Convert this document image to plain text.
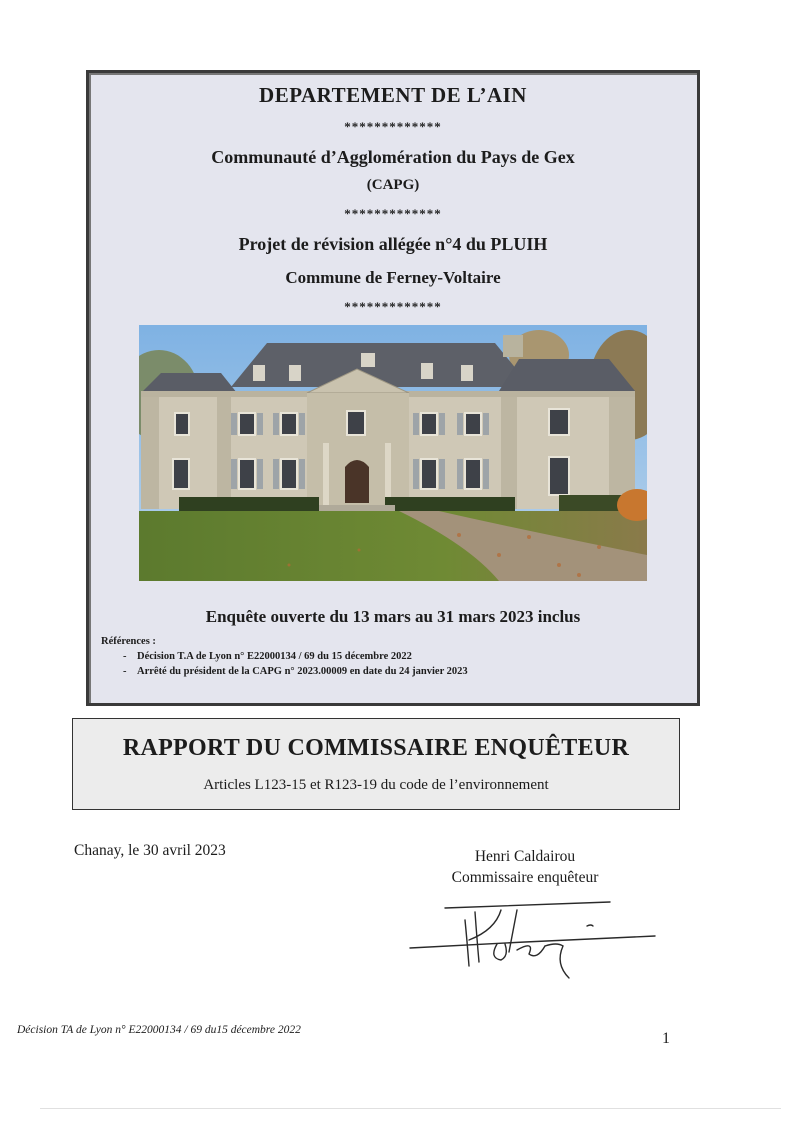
DEPARTEMENT DE L’AIN
*************
Communauté d’Agglomération du Pays de Gex
(CAPG)
*************
Projet de révision allégée n°4 du PLUIH
Commune de Ferney-Voltaire
*************
Enquête ouverte du 13 mars au 31 mars 2023 inclus
Références :
- Décision T.A de Lyon n° E22000134 / 69 du 15 décembre 2022
- Arrêté du président de la CAPG n° 2023.00009 en date du 24 janvier 2023
RAPPORT DU COMMISSAIRE ENQUÊTEUR
Articles L123-15 et R123-19 du code de l’environnement
Chanay, le 30 avril 2023	Henri Caldairou
Commissaire enquêteur
Décision TA de Lyon n° E22000134 / 69 du15 décembre 2022	1
